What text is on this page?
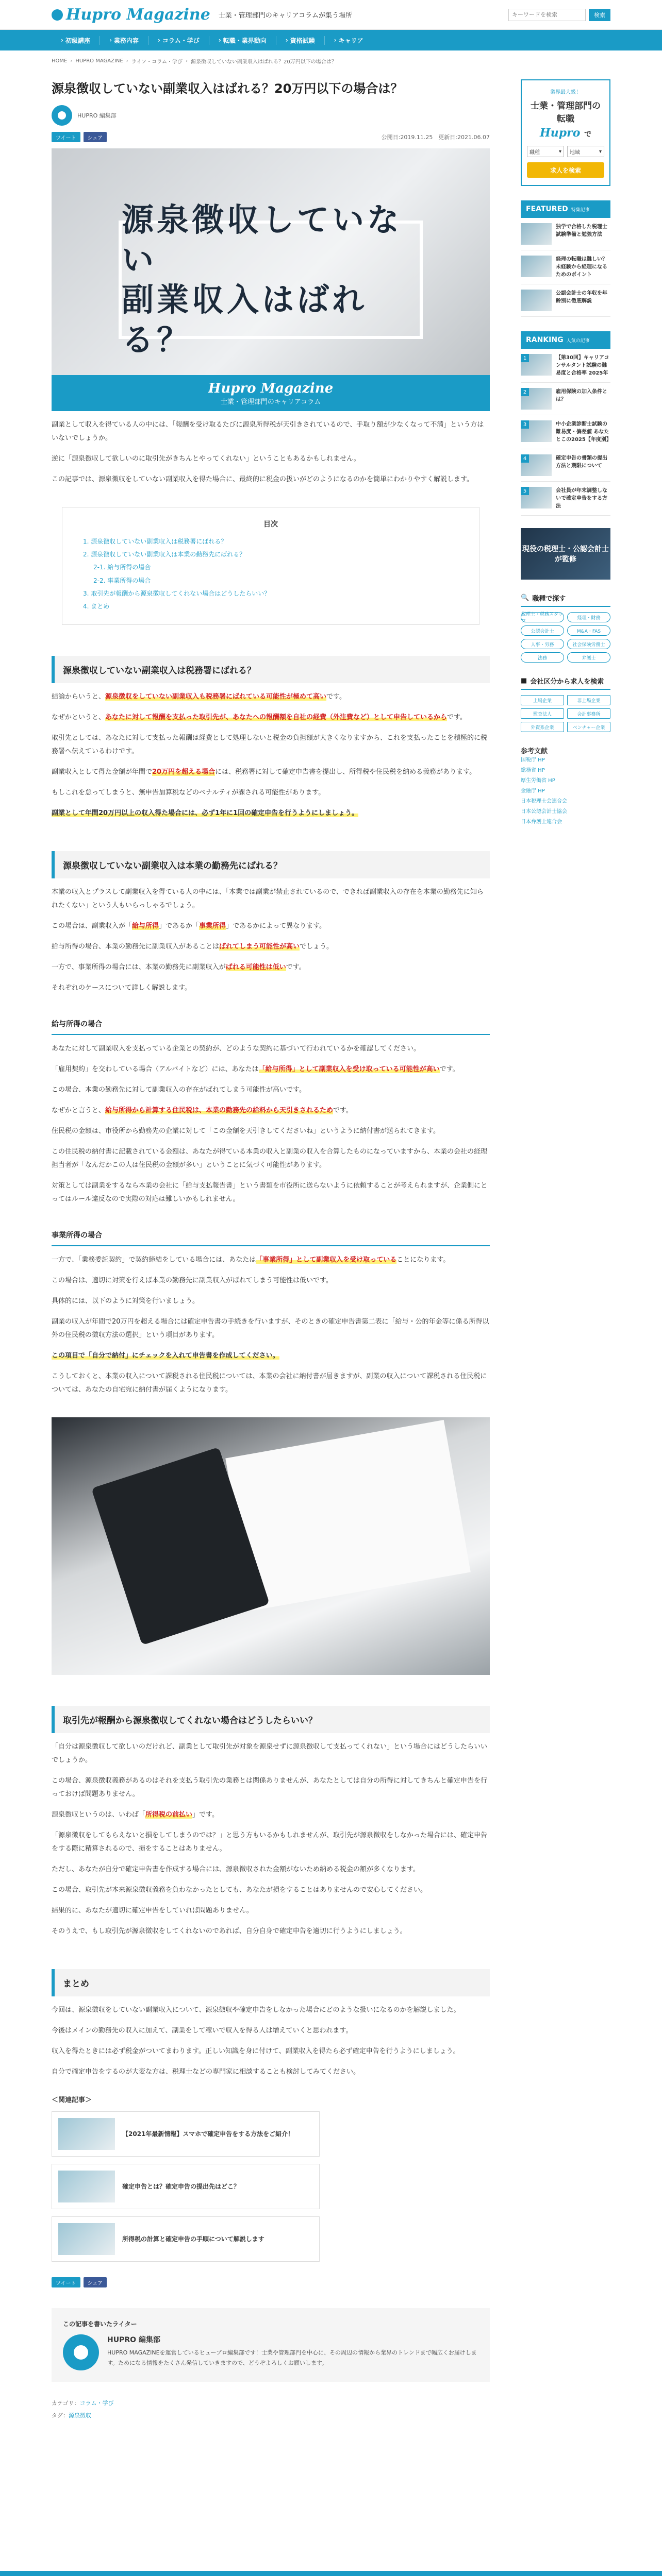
Hupro Magazine 士業・管理部門のキャリアコラムが集う場所
キーワードを検索	検索
› 初級講座	› 業務内容	› コラム・学び	› 転職・業界動向	› 資格試験	› キャリア
HOME › HUPRO MAGAZINE › ライフ・コラム・学び › 源泉徴収していない副業収入はばれる？20万円以下の場合は？
源泉徴収していない副業収入はばれる？20万円以下の場合は？
HUPRO 編集部
ツイート	シェア	公開日:2019.11.25　更新日:2021.06.07
源泉徴収していない
副業収入はばれる？
Hupro Magazine
士業・管理部門のキャリアコラム

副業として収入を得ている人の中には、「報酬を受け取るたびに源泉所得税が天引きされているので、手取り額が少なくなって不満」という方はいないでしょうか。

逆に「源泉徴収して欲しいのに取引先がきちんとやってくれない」ということもあるかもしれません。

この記事では、源泉徴収をしていない副業収入を得た場合に、最終的に税金の扱いがどのようになるのかを簡単にわかりやすく解説します。

目次
1. 源泉徴収していない副業収入は税務署にばれる？
2. 源泉徴収していない副業収入は本業の勤務先にばれる？
2-1. 給与所得の場合
2-2. 事業所得の場合
3. 取引先が報酬から源泉徴収してくれない場合はどうしたらいい？
4. まとめ
源泉徴収していない副業収入は税務署にばれる？

結論からいうと、源泉徴収をしていない副業収入も税務署にばれている可能性が極めて高いです。

なぜかというと、あなたに対して報酬を支払った取引先が、あなたへの報酬額を自社の経費（外注費など）として申告しているからです。

取引先としては、あなたに対して支払った報酬は経費として処理しないと税金の負担額が大きくなりますから、これを支払ったことを積極的に税務署へ伝えているわけです。

副業収入として得た金額が年間で20万円を超える場合には、税務署に対して確定申告書を提出し、所得税や住民税を納める義務があります。

もしこれを怠ってしまうと、無申告加算税などのペナルティが課される可能性があります。

副業として年間20万円以上の収入得た場合には、必ず1年に1回の確定申告を行うようにしましょう。

源泉徴収していない副業収入は本業の勤務先にばれる？

本業の収入とプラスして副業収入を得ている人の中には、「本業では副業が禁止されているので、できれば副業収入の存在を本業の勤務先に知られたくない」という人もいらっしゃるでしょう。

この場合は、副業収入が「給与所得」であるか「事業所得」であるかによって異なります。

給与所得の場合、本業の勤務先に副業収入があることはばれてしまう可能性が高いでしょう。

一方で、事業所得の場合には、本業の勤務先に副業収入がばれる可能性は低いです。

それぞれのケースについて詳しく解説します。

給与所得の場合

あなたに対して副業収入を支払っている企業との契約が、どのような契約に基づいて行われているかを確認してください。

「雇用契約」を交わしている場合（アルバイトなど）には、あなたは「給与所得」として副業収入を受け取っている可能性が高いです。

この場合、本業の勤務先に対して副業収入の存在がばれてしまう可能性が高いです。

なぜかと言うと、給与所得から計算する住民税は、本業の勤務先の給料から天引きされるためです。

住民税の金額は、市役所から勤務先の企業に対して「この金額を天引きしてくださいね」というように納付書が送られてきます。

この住民税の納付書に記載されている金額は、あなたが得ている本業の収入と副業の収入を合算したものになっていますから、本業の会社の経理担当者が「なんだかこの人は住民税の金額が多い」ということに気づく可能性があります。

対策としては副業をするなら本業の会社に「給与支払報告書」という書類を市役所に送らないように依頼することが考えられますが、企業側にとってはルール違反なので実際の対応は難しいかもしれません。

事業所得の場合

一方で、「業務委託契約」で契約締結をしている場合には、あなたは「事業所得」として副業収入を受け取っていることになります。

この場合は、適切に対策を行えば本業の勤務先に副業収入がばれてしまう可能性は低いです。

具体的には、以下のように対策を行いましょう。

副業の収入が年間で20万円を超える場合には確定申告書の手続きを行いますが、そのときの確定申告書第二表に「給与・公的年金等に係る所得以外の住民税の徴収方法の選択」という項目があります。

この項目で「自分で納付」にチェックを入れて申告書を作成してください。

こうしておくと、本業の収入について課税される住民税については、本業の会社に納付書が届きますが、副業の収入について課税される住民税については、あなたの自宅宛に納付書が届くようになります。

取引先が報酬から源泉徴収してくれない場合はどうしたらいい？

「自分は源泉徴収して欲しいのだけれど、副業として取引先が対象を源泉せずに源泉徴収して支払ってくれない」という場合にはどうしたらいいでしょうか。

この場合、源泉徴収義務があるのはそれを支払う取引先の業務とは関係ありませんが、あなたとしては自分の所得に対してきちんと確定申告を行っておけば問題ありません。

源泉徴収というのは、いわば「所得税の前払い」です。

「源泉徴収をしてもらえないと損をしてしまうのでは？」と思う方もいるかもしれませんが、取引先が源泉徴収をしなかった場合には、確定申告をする際に精算されるので、損をすることはありません。

ただし、あなたが自分で確定申告書を作成する場合には、源泉徴収された金額がないため納める税金の額が多くなります。

この場合、取引先が本来源泉徴収義務を負わなかったとしても、あなたが損をすることはありませんので安心してください。

結果的に、あなたが適切に確定申告をしていれば問題ありません。

そのうえで、もし取引先が源泉徴収をしてくれないのであれば、自分自身で確定申告を適切に行うようにしましょう。

まとめ

今回は、源泉徴収をしていない副業収入について、源泉徴収や確定申告をしなかった場合にどのような扱いになるのかを解説しました。

今後はメインの勤務先の収入に加えて、副業をして稼いで収入を得る人は増えていくと思われます。

収入を得たときには必ず税金がついてまわります。正しい知識を身に付けて、副業収入を得たら必ず確定申告を行うようにしましょう。

自分で確定申告をするのが大変な方は、税理士などの専門家に相談することも検討してみてください。

＜関連記事＞
【2021年最新情報】スマホで確定申告をする方法をご紹介！
確定申告とは？確定申告の提出先はどこ？
所得税の計算と確定申告の手順について解説します
ツイート	シェア
この記事を書いたライター
HUPRO 編集部
HUPRO MAGAZINEを運営しているヒュープロ編集部です！士業や管理部門を中心に、その周辺の情報から業界のトレンドまで幅広くお届けします。ためになる情報をたくさん発信していきますので、どうぞよろしくお願いします。
カテゴリ：コラム・学び
タグ：源泉徴収
業界最大級！
士業・管理部門の転職
Hupro で
職種	▾ 地域	▾
求人を検索
FEATURED 特集記事
独学で合格した税理士試験準備と勉強方法
経理の転職は難しい？未経験から経理になるためのポイント
公認会計士の年収を年齢別に徹底解説
RANKING 人気の記事
1	【第30回】キャリアコンサルタント試験の難易度と合格率 2025年
2	雇用保険の加入条件とは？
3	中小企業診断士試験の難易度・偏差値 あなたとこの2025【年度別】
4	確定申告の書類の提出方法と期限について
5	会社員が年末調整しないで確定申告をする方法
現役の税理士・公認会計士が監修
🔍 職種で探す
税理士・税務スタッフ
経理・財務
公認会計士	M&A・FAS
人事・労務	社会保険労務士
法務	弁護士
■ 会社区分から求人を検索
上場企業	非上場企業
監査法人	会計事務所
外資系企業	ベンチャー企業
参考文献
国税庁 HP
総務省 HP
厚生労働省 HP
金融庁 HP
日本税理士会連合会
日本公認会計士協会
日本弁護士連合会
